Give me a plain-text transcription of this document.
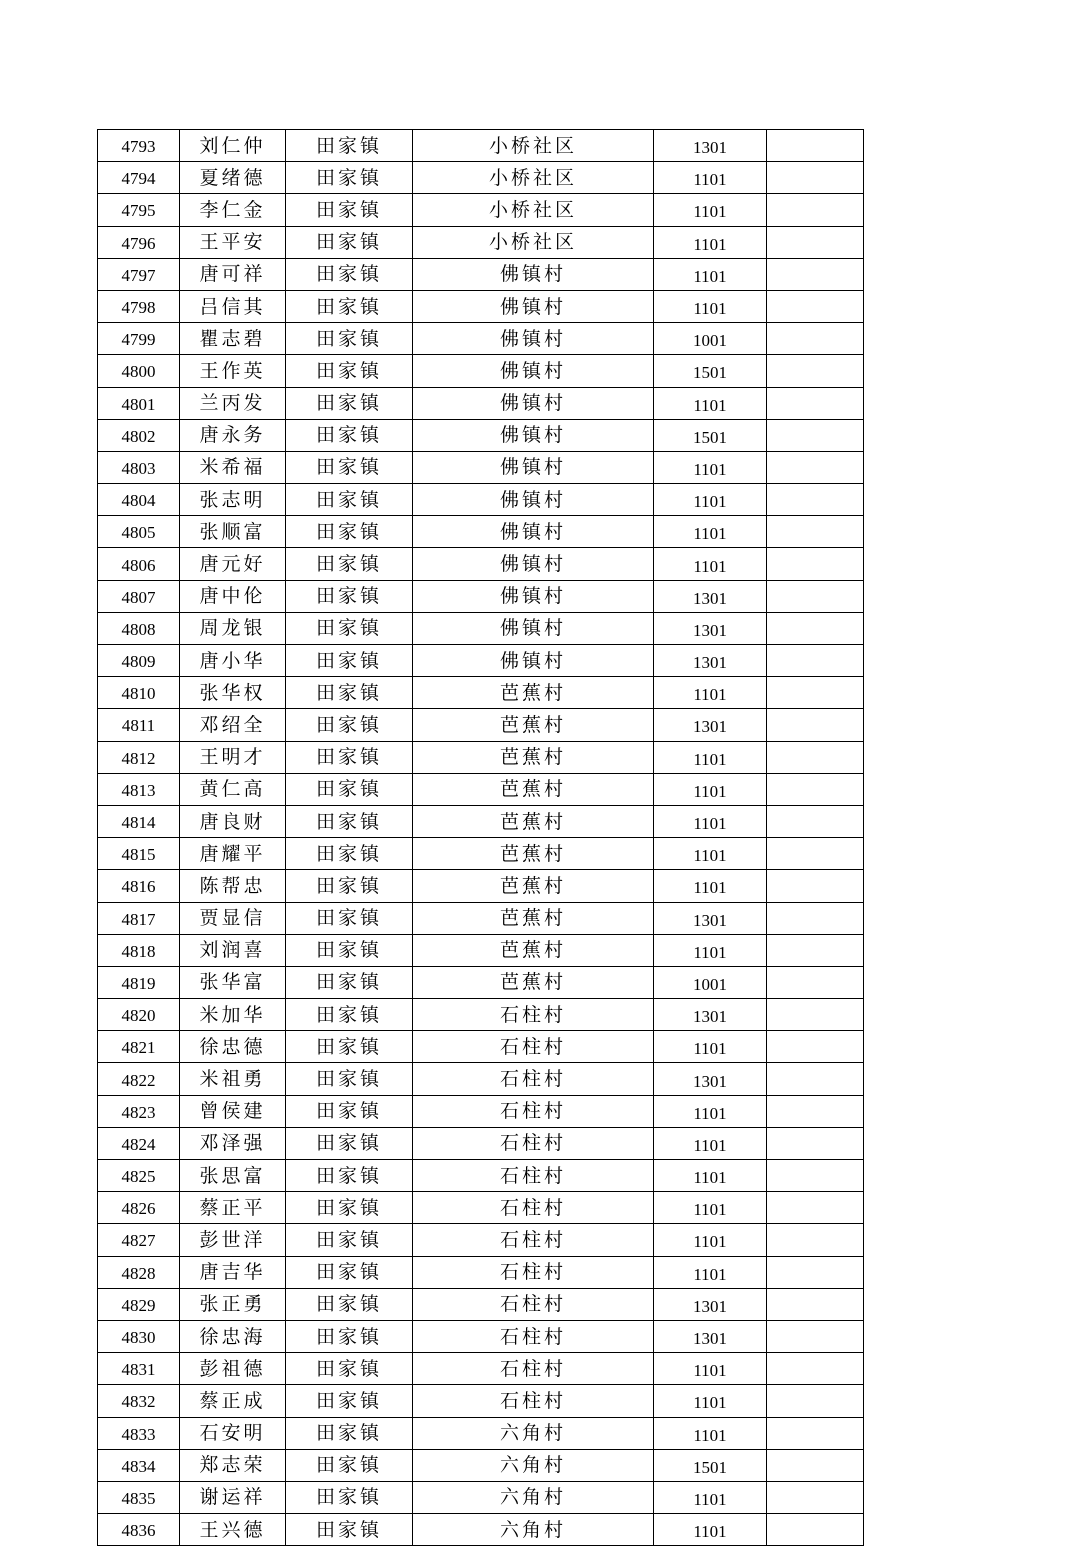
4793	刘仁仲	田家镇	小桥社区	1301	
4794	夏绪德	田家镇	小桥社区	1101	
4795	李仁金	田家镇	小桥社区	1101	
4796	王平安	田家镇	小桥社区	1101	
4797	唐可祥	田家镇	佛镇村	1101	
4798	吕信其	田家镇	佛镇村	1101	
4799	瞿志碧	田家镇	佛镇村	1001	
4800	王作英	田家镇	佛镇村	1501	
4801	兰丙发	田家镇	佛镇村	1101	
4802	唐永务	田家镇	佛镇村	1501	
4803	米希福	田家镇	佛镇村	1101	
4804	张志明	田家镇	佛镇村	1101	
4805	张顺富	田家镇	佛镇村	1101	
4806	唐元好	田家镇	佛镇村	1101	
4807	唐中伦	田家镇	佛镇村	1301	
4808	周龙银	田家镇	佛镇村	1301	
4809	唐小华	田家镇	佛镇村	1301	
4810	张华权	田家镇	芭蕉村	1101	
4811	邓绍全	田家镇	芭蕉村	1301	
4812	王明才	田家镇	芭蕉村	1101	
4813	黄仁高	田家镇	芭蕉村	1101	
4814	唐良财	田家镇	芭蕉村	1101	
4815	唐耀平	田家镇	芭蕉村	1101	
4816	陈帮忠	田家镇	芭蕉村	1101	
4817	贾显信	田家镇	芭蕉村	1301	
4818	刘润喜	田家镇	芭蕉村	1101	
4819	张华富	田家镇	芭蕉村	1001	
4820	米加华	田家镇	石柱村	1301	
4821	徐忠德	田家镇	石柱村	1101	
4822	米祖勇	田家镇	石柱村	1301	
4823	曾侯建	田家镇	石柱村	1101	
4824	邓泽强	田家镇	石柱村	1101	
4825	张思富	田家镇	石柱村	1101	
4826	蔡正平	田家镇	石柱村	1101	
4827	彭世洋	田家镇	石柱村	1101	
4828	唐吉华	田家镇	石柱村	1101	
4829	张正勇	田家镇	石柱村	1301	
4830	徐忠海	田家镇	石柱村	1301	
4831	彭祖德	田家镇	石柱村	1101	
4832	蔡正成	田家镇	石柱村	1101	
4833	石安明	田家镇	六角村	1101	
4834	郑志荣	田家镇	六角村	1501	
4835	谢运祥	田家镇	六角村	1101	
4836	王兴德	田家镇	六角村	1101	
